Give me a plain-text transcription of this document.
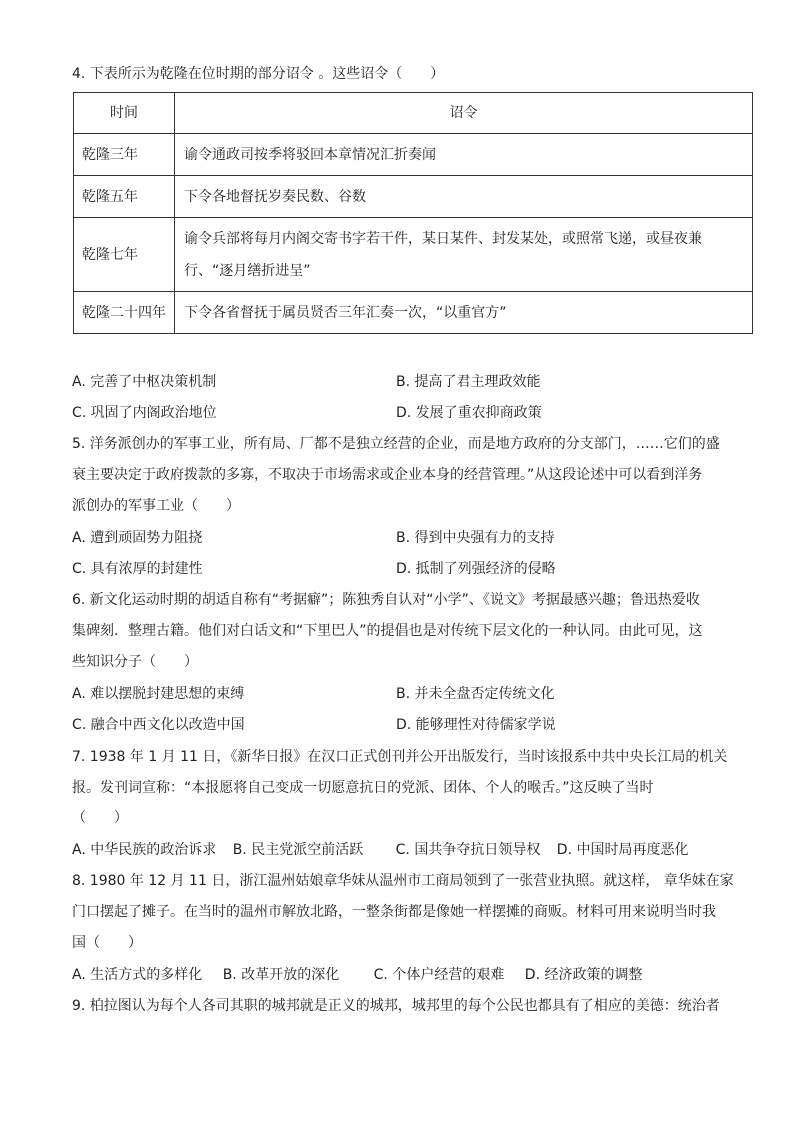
4. 下表所示为乾隆在位时期的部分诏令 。这些诏令（　　）
时间	诏令
乾隆三年	谕令通政司按季将驳回本章情况汇折奏闻
乾隆五年	下令各地督抚岁奏民数、谷数
乾隆七年	谕令兵部将每月内阁交寄书字若干件，某日某件、封发某处，或照常飞递，或昼夜兼行、“逐月缮折进呈”
乾隆二十四年	下令各省督抚于属员贤否三年汇奏一次，“以重官方”
A. 完善了中枢决策机制	B. 提高了君主理政效能
C. 巩固了内阁政治地位	D. 发展了重农抑商政策
5. 洋务派创办的军事工业，所有局、厂都不是独立经营的企业，而是地方政府的分支部门，……它们的盛
衰主要决定于政府拨款的多寡，不取决于市场需求或企业本身的经营管理。”从这段论述中可以看到洋务
派创办的军事工业（　　）
A. 遭到顽固势力阻挠	B. 得到中央强有力的支持
C. 具有浓厚的封建性	D. 抵制了列强经济的侵略
6. 新文化运动时期的胡适自称有“考据癖”；陈独秀自认对“小学”、《说文》考据最感兴趣；鲁迅热爱收
集碑刻．整理古籍。他们对白话文和“下里巴人”的提倡也是对传统下层文化的一种认同。由此可见，这
些知识分子（　　）
A. 难以摆脱封建思想的束缚	B. 并未全盘否定传统文化
C. 融合中西文化以改造中国	D. 能够理性对待儒家学说
7. 1938 年 1 月 11 日，《新华日报》在汉口正式创刊并公开出版发行，当时该报系中共中央长江局的机关
报。发刊词宣称：“本报愿将自己变成一切愿意抗日的党派、团体、个人的喉舌。”这反映了当时
（　　）
A. 中华民族的政治诉求 B. 民主党派空前活跃 C. 国共争夺抗日领导权 D. 中国时局再度恶化
8. 1980 年 12 月 11 日，浙江温州姑娘章华妹从温州市工商局领到了一张营业执照。就这样， 章华妹在家
门口摆起了摊子。在当时的温州市解放北路，一整条街都是像她一样摆摊的商贩。材料可用来说明当时我
国（　　）
A. 生活方式的多样化 B. 改革开放的深化 C. 个体户经营的艰难 D. 经济政策的调整
9. 柏拉图认为每个人各司其职的城邦就是正义的城邦，城邦里的每个公民也都具有了相应的美德：统治者
